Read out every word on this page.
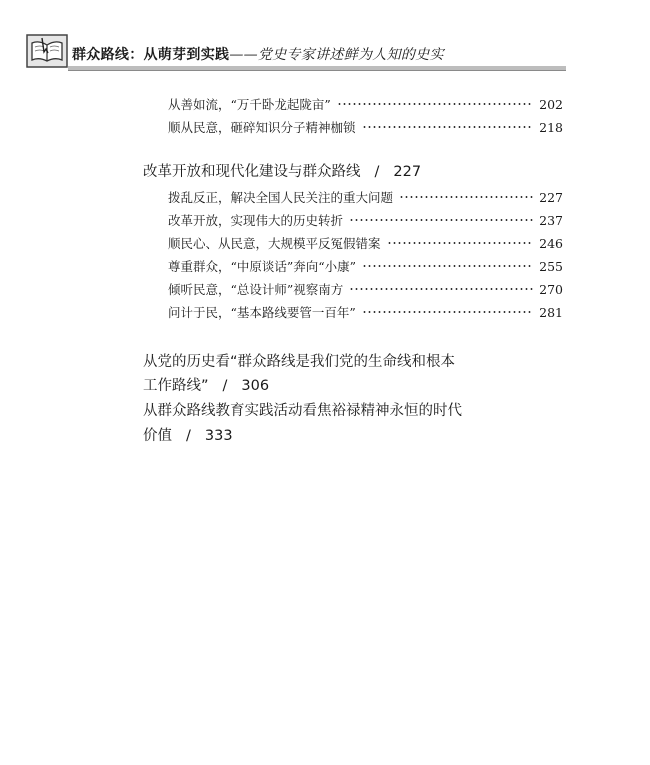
群众路线：从萌芽到实践——党史专家讲述鲜为人知的史实
从善如流，“万千卧龙起陇亩”	202
顺从民意，砸碎知识分子精神枷锁	218
改革开放和现代化建设与群众路线 / 227
拨乱反正，解决全国人民关注的重大问题	227
改革开放，实现伟大的历史转折	237
顺民心、从民意，大规模平反冤假错案	246
尊重群众，“中原谈话”奔向“小康”	255
倾听民意，“总设计师”视察南方	270
问计于民，“基本路线要管一百年”	281
从党的历史看“群众路线是我们党的生命线和根本
工作路线” / 306
从群众路线教育实践活动看焦裕禄精神永恒的时代
价值 / 333
